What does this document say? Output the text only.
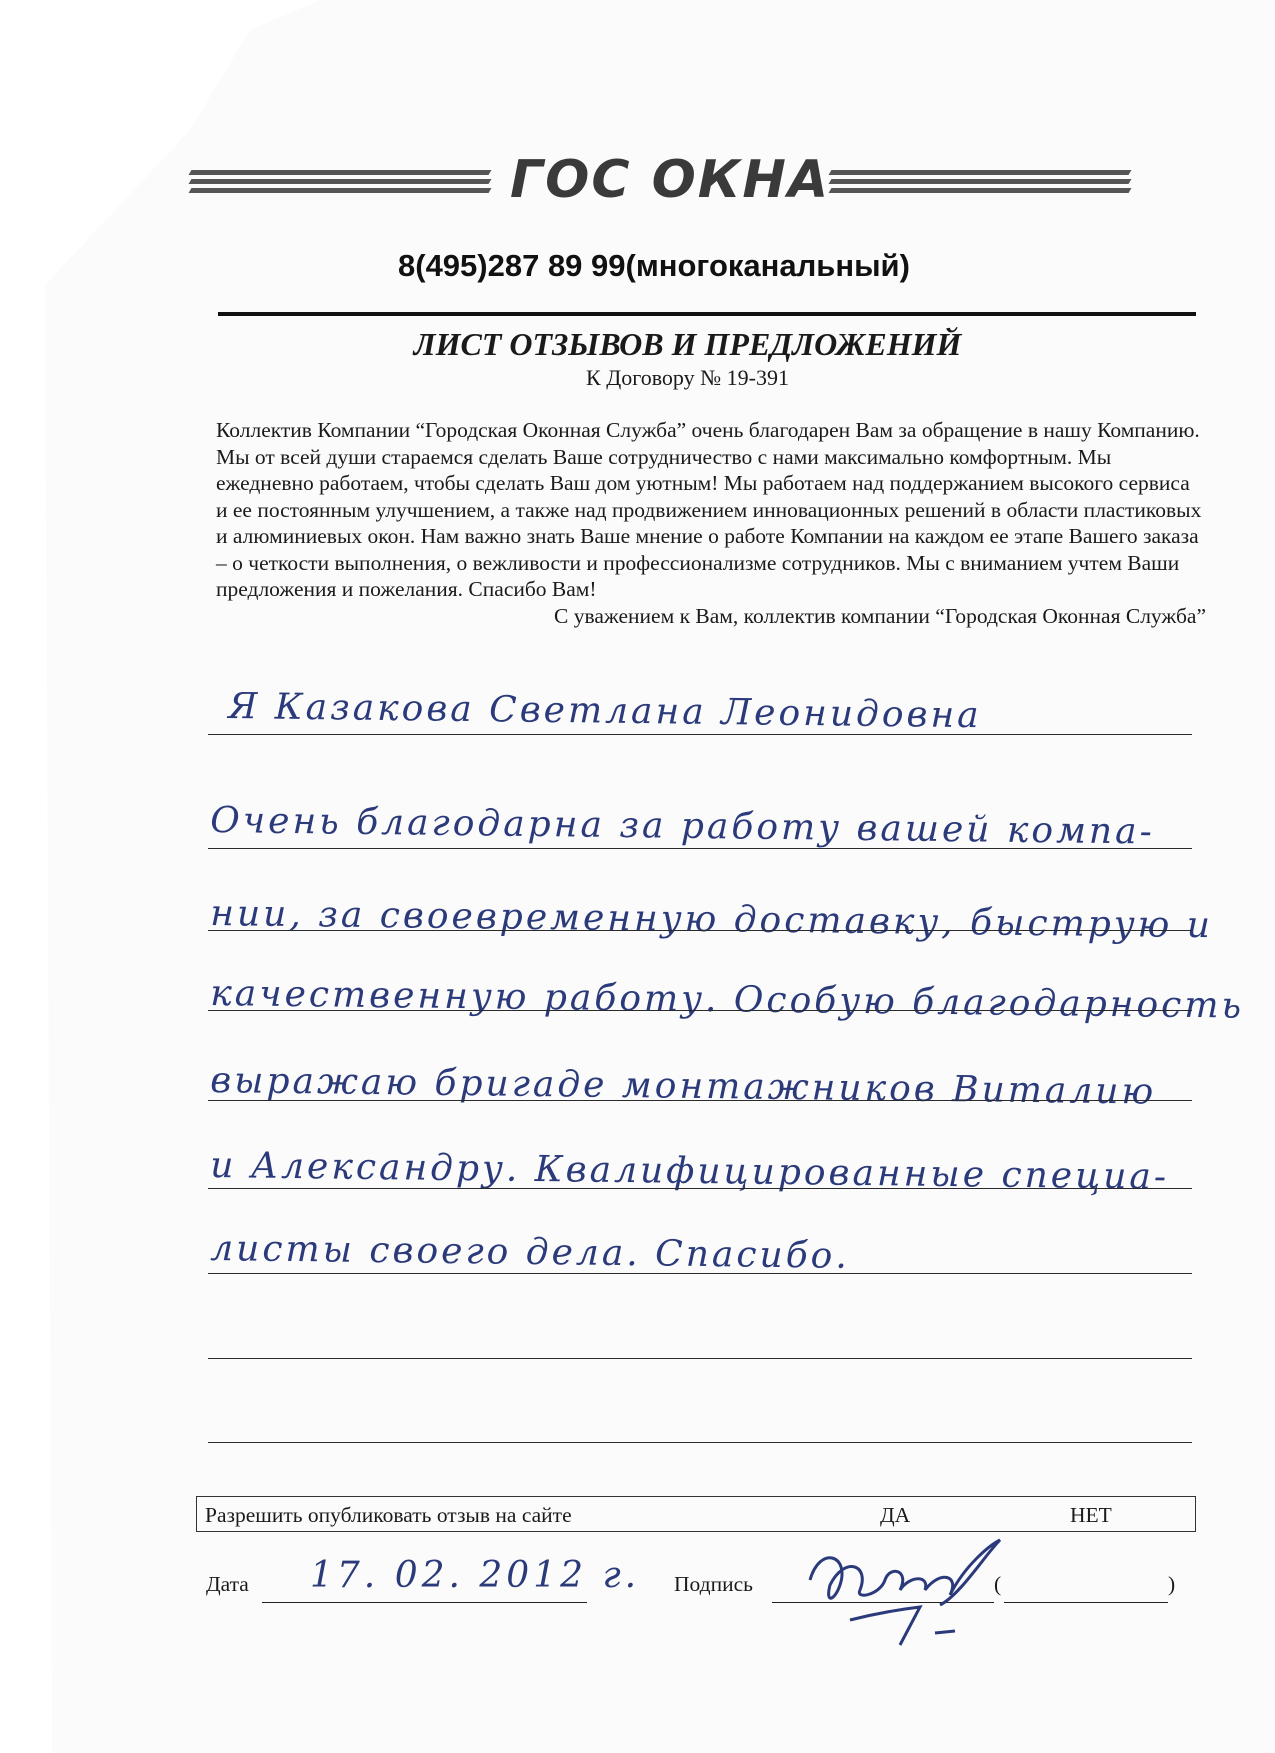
ГОС ОКНА
8(495)287 89 99(многоканальный)
ЛИСТ ОТЗЫВОВ И ПРЕДЛОЖЕНИЙ
К Договору № 19-391
Коллектив Компании “Городская Оконная Служба” очень благодарен Вам за обращение в нашу Компанию. Мы от всей души стараемся сделать Ваше сотрудничество с нами максимально комфортным. Мы ежедневно работаем, чтобы сделать Ваш дом уютным! Мы работаем над поддержанием высокого сервиса и ее постоянным улучшением, а также над продвижением инновационных решений в области пластиковых и алюминиевых окон. Нам важно знать Ваше мнение о работе Компании на каждом ее этапе Вашего заказа – о четкости выполнения, о вежливости и профессионализме сотрудников. Мы с вниманием учтем Ваши предложения и пожелания. Спасибо Вам!
С уважением к Вам, коллектив компании “Городская Оконная Служба”
Я Казакова Светлана Леонидовна
Очень благодарна за работу вашей компа-
нии, за своевременную доставку, быструю и
качественную работу. Особую благодарность
выражаю бригаде монтажников Виталию
и Александру. Квалифицированные специа-
листы своего дела. Спасибо.
Разрешить опубликовать отзыв на сайте	ДА	НЕТ
Дата 17. 02. 2012 г. Подпись	(	)
